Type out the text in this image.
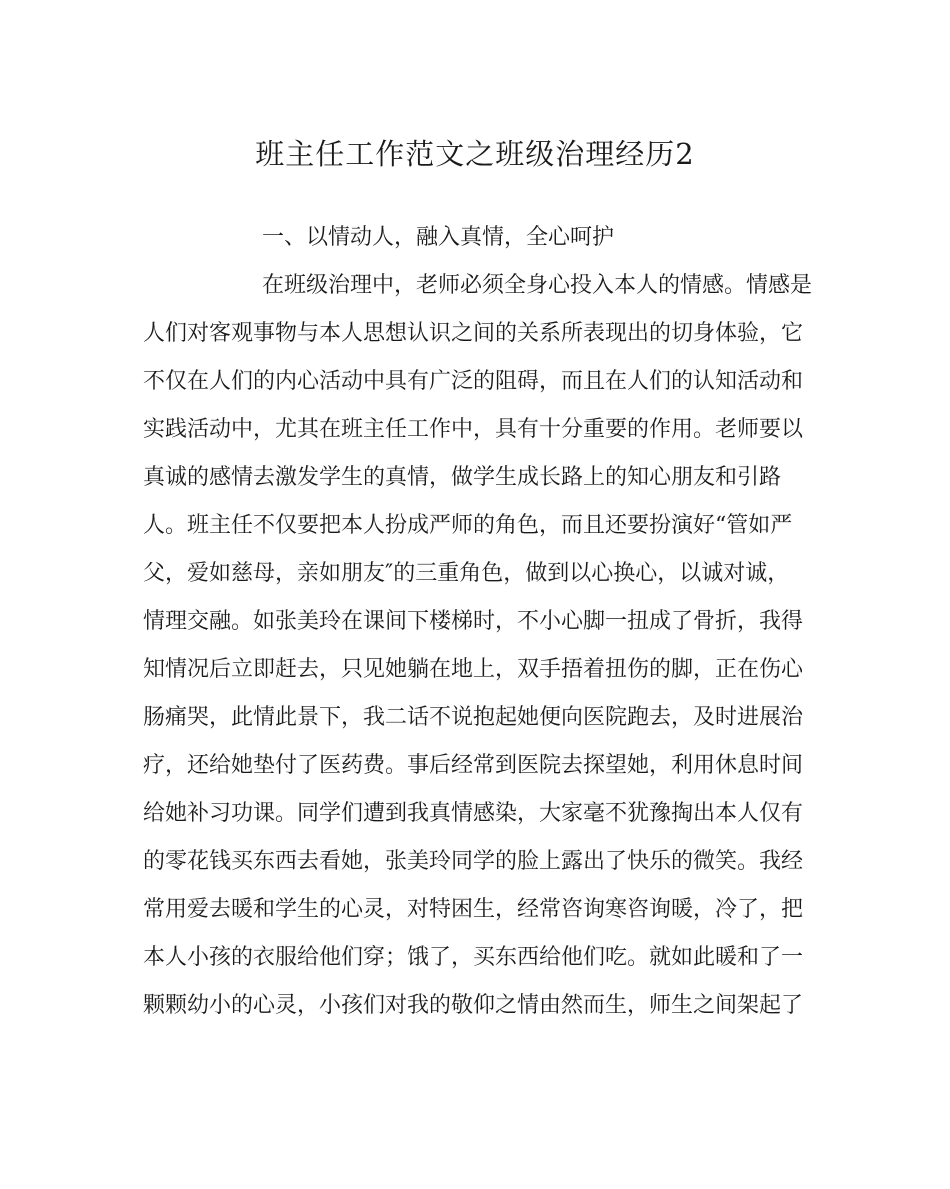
班主任工作范文之班级治理经历2
一、以情动人，融入真情，全心呵护
在班级治理中，老师必须全身心投入本人的情感。情感是
人们对客观事物与本人思想认识之间的关系所表现出的切身体验，它
不仅在人们的内心活动中具有广泛的阻碍，而且在人们的认知活动和
实践活动中，尤其在班主任工作中，具有十分重要的作用。老师要以
真诚的感情去激发学生的真情，做学生成长路上的知心朋友和引路
人。班主任不仅要把本人扮成严师的角色，而且还要扮演好“管如严
父，爱如慈母，亲如朋友″的三重角色，做到以心换心，以诚对诚，
情理交融。如张美玲在课间下楼梯时，不小心脚一扭成了骨折，我得
知情况后立即赶去，只见她躺在地上，双手捂着扭伤的脚，正在伤心
肠痛哭，此情此景下，我二话不说抱起她便向医院跑去，及时进展治
疗，还给她垫付了医药费。事后经常到医院去探望她，利用休息时间
给她补习功课。同学们遭到我真情感染，大家毫不犹豫掏出本人仅有
的零花钱买东西去看她，张美玲同学的脸上露出了快乐的微笑。我经
常用爱去暖和学生的心灵，对特困生，经常咨询寒咨询暖，冷了，把
本人小孩的衣服给他们穿；饿了，买东西给他们吃。就如此暖和了一
颗颗幼小的心灵，小孩们对我的敬仰之情由然而生，师生之间架起了
